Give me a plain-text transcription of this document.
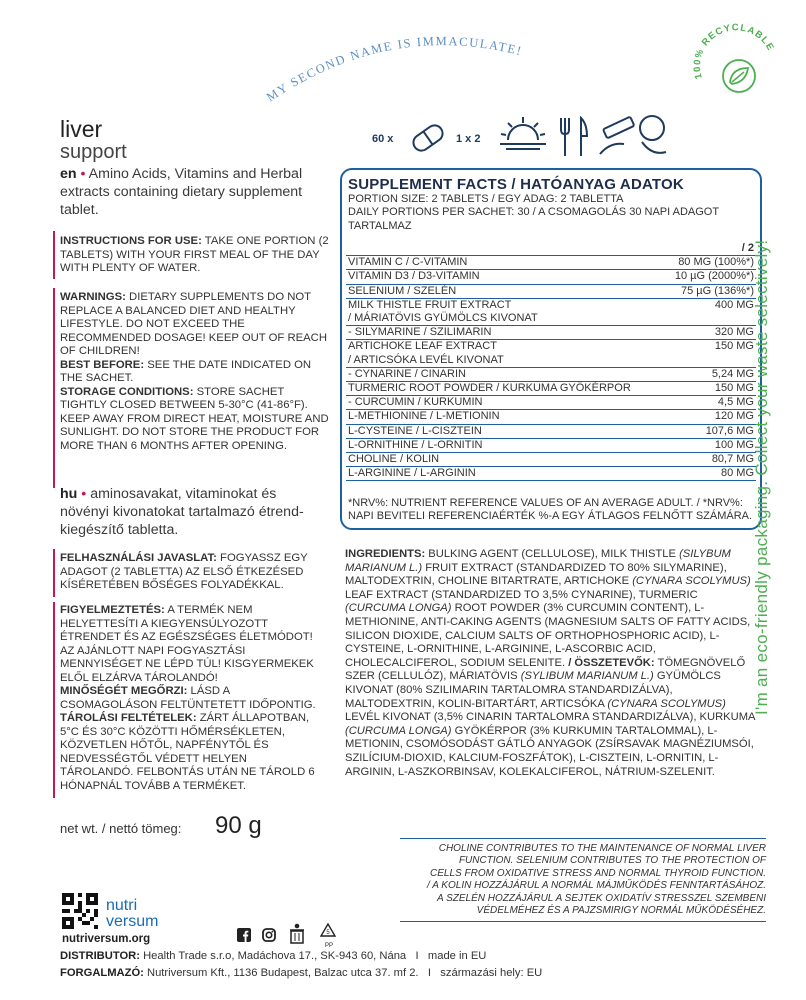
MY SECOND NAME IS IMMACULATE!
100% RECYCLABLE
liver
support
en • Amino Acids, Vitamins and Herbal extracts containing dietary supplement tablet.
INSTRUCTIONS FOR USE: TAKE ONE PORTION (2 TABLETS) WITH YOUR FIRST MEAL OF THE DAY WITH PLENTY OF WATER.
WARNINGS: DIETARY SUPPLEMENTS DO NOT REPLACE A BALANCED DIET AND HEALTHY LIFESTYLE. DO NOT EXCEED THE RECOMMENDED DOSAGE! KEEP OUT OF REACH OF CHILDREN!
BEST BEFORE: SEE THE DATE INDICATED ON THE SACHET.
STORAGE CONDITIONS: STORE SACHET TIGHTLY CLOSED BETWEEN 5-30°C (41-86°F). KEEP AWAY FROM DIRECT HEAT, MOISTURE AND SUNLIGHT. DO NOT STORE THE PRODUCT FOR MORE THAN 6 MONTHS AFTER OPENING.
hu • aminosavakat, vitaminokat és növényi kivonatokat tartalmazó étrend-kiegészítő tabletta.
FELHASZNÁLÁSI JAVASLAT: FOGYASSZ EGY ADAGOT (2 TABLETTA) AZ ELSŐ ÉTKEZÉSED KÍSÉRETÉBEN BŐSÉGES FOLYADÉKKAL.
FIGYELMEZTETÉS: A TERMÉK NEM HELYETTESÍTI A KIEGYENSÚLYOZOTT ÉTRENDET ÉS AZ EGÉSZSÉGES ÉLETMÓDOT! AZ AJÁNLOTT NAPI FOGYASZTÁSI MENNYISÉGET NE LÉPD TÚL! KISGYERMEKEK ELŐL ELZÁRVA TÁROLANDÓ!
MINŐSÉGÉT MEGŐRZI: LÁSD A CSOMAGOLÁSON FELTÜNTETETT IDŐPONTIG.
TÁROLÁSI FELTÉTELEK: ZÁRT ÁLLAPOTBAN, 5°C ÉS 30°C KÖZÖTTI HŐMÉRSÉKLETEN, KÖZVETLEN HŐTŐL, NAPFÉNYTŐL ÉS NEDVESSÉGTŐL VÉDETT HELYEN TÁROLANDÓ. FELBONTÁS UTÁN NE TÁROLD 6 HÓNAPNÁL TOVÁBB A TERMÉKET.
60 x	1 x 2
SUPPLEMENT FACTS / HATÓANYAG ADATOK
PORTION SIZE: 2 TABLETS / EGY ADAG: 2 TABLETTA
DAILY PORTIONS PER SACHET: 30 / A CSOMAGOLÁS 30 NAPI ADAGOT TARTALMAZ
/ 2
VITAMIN C / C-VITAMIN	80 MG (100%*)
VITAMIN D3 / D3-VITAMIN	10 µG (2000%*)
SELENIUM / SZELÉN	75 µG (136%*)
MILK THISTLE FRUIT EXTRACT	400 MG
/ MÁRIATÖVIS GYÜMÖLCS KIVONAT
- SILYMARINE / SZILIMARIN	320 MG
ARTICHOKE LEAF EXTRACT	150 MG
/ ARTICSÓKA LEVÉL KIVONAT
- CYNARINE / CINARIN	5,24 MG
TURMERIC ROOT POWDER / KURKUMA GYÖKÉRPOR	150 MG
- CURCUMIN / KURKUMIN	4,5 MG
L-METHIONINE / L-METIONIN	120 MG
L-CYSTEINE / L-CISZTEIN	107,6 MG
L-ORNITHINE / L-ORNITIN	100 MG
CHOLINE / KOLIN	80,7 MG
L-ARGININE / L-ARGININ	80 MG
*NRV%: NUTRIENT REFERENCE VALUES OF AN AVERAGE ADULT. / *NRV%: NAPI BEVITELI REFERENCIAÉRTÉK %-A EGY ÁTLAGOS FELNŐTT SZÁMÁRA.
INGREDIENTS: BULKING AGENT (CELLULOSE), MILK THISTLE (SILYBUM MARIANUM L.) FRUIT EXTRACT (STANDARDIZED TO 80% SILYMARINE), MALTODEXTRIN, CHOLINE BITARTRATE, ARTICHOKE (CYNARA SCOLYMUS) LEAF EXTRACT (STANDARDIZED TO 3,5% CYNARINE), TURMERIC (CURCUMA LONGA) ROOT POWDER (3% CURCUMIN CONTENT), L-METHIONINE, ANTI-CAKING AGENTS (MAGNESIUM SALTS OF FATTY ACIDS, SILICON DIOXIDE, CALCIUM SALTS OF ORTHOPHOSPHORIC ACID), L-CYSTEINE, L-ORNITHINE, L-ARGININE, L-ASCORBIC ACID, CHOLECALCIFEROL, SODIUM SELENITE. / ÖSSZETEVŐK: TÖMEGNÖVELŐ SZER (CELLULÓZ), MÁRIATÖVIS (SYLIBUM MARIANUM L.) GYÜMÖLCS KIVONAT (80% SZILIMARIN TARTALOMRA STANDARDIZÁLVA), MALTODEXTRIN, KOLIN-BITARTÁRT, ARTICSÓKA (CYNARA SCOLYMUS) LEVÉL KIVONAT (3,5% CINARIN TARTALOMRA STANDARDIZÁLVA), KURKUMA (CURCUMA LONGA) GYÖKÉRPOR (3% KURKUMIN TARTALOMMAL), L-METIONIN, CSOMÓSODÁST GÁTLÓ ANYAGOK (ZSÍRSAVAK MAGNÉZIUMSÓI, SZILÍCIUM-DIOXID, KALCIUM-FOSZFÁTOK), L-CISZTEIN, L-ORNITIN, L-ARGININ, L-ASZKORBINSAV, KOLEKALCIFEROL, NÁTRIUM-SZELENIT.
CHOLINE CONTRIBUTES TO THE MAINTENANCE OF NORMAL LIVER
FUNCTION. SELENIUM CONTRIBUTES TO THE PROTECTION OF
CELLS FROM OXIDATIVE STRESS AND NORMAL THYROID FUNCTION.
/ A KOLIN HOZZÁJÁRUL A NORMÁL MÁJMŰKÖDÉS FENNTARTÁSÁHOZ.
A SZELÉN HOZZÁJÁRUL A SEJTEK OXIDATÍV STRESSZEL SZEMBENI
VÉDELMÉHEZ ÉS A PAJZSMIRIGY NORMÁL MŰKÖDÉSÉHEZ.
I'm an eco-friendly packaging. Collect your waste selectively!
net wt. / nettó tömeg: 90 g
nutri
versum
nutriversum.org	5
PP
DISTRIBUTOR: Health Trade s.r.o, Madáchova 17., SK-943 60, Nána I made in EU
FORGALMAZÓ: Nutriversum Kft., 1136 Budapest, Balzac utca 37. mf 2. I származási hely: EU
